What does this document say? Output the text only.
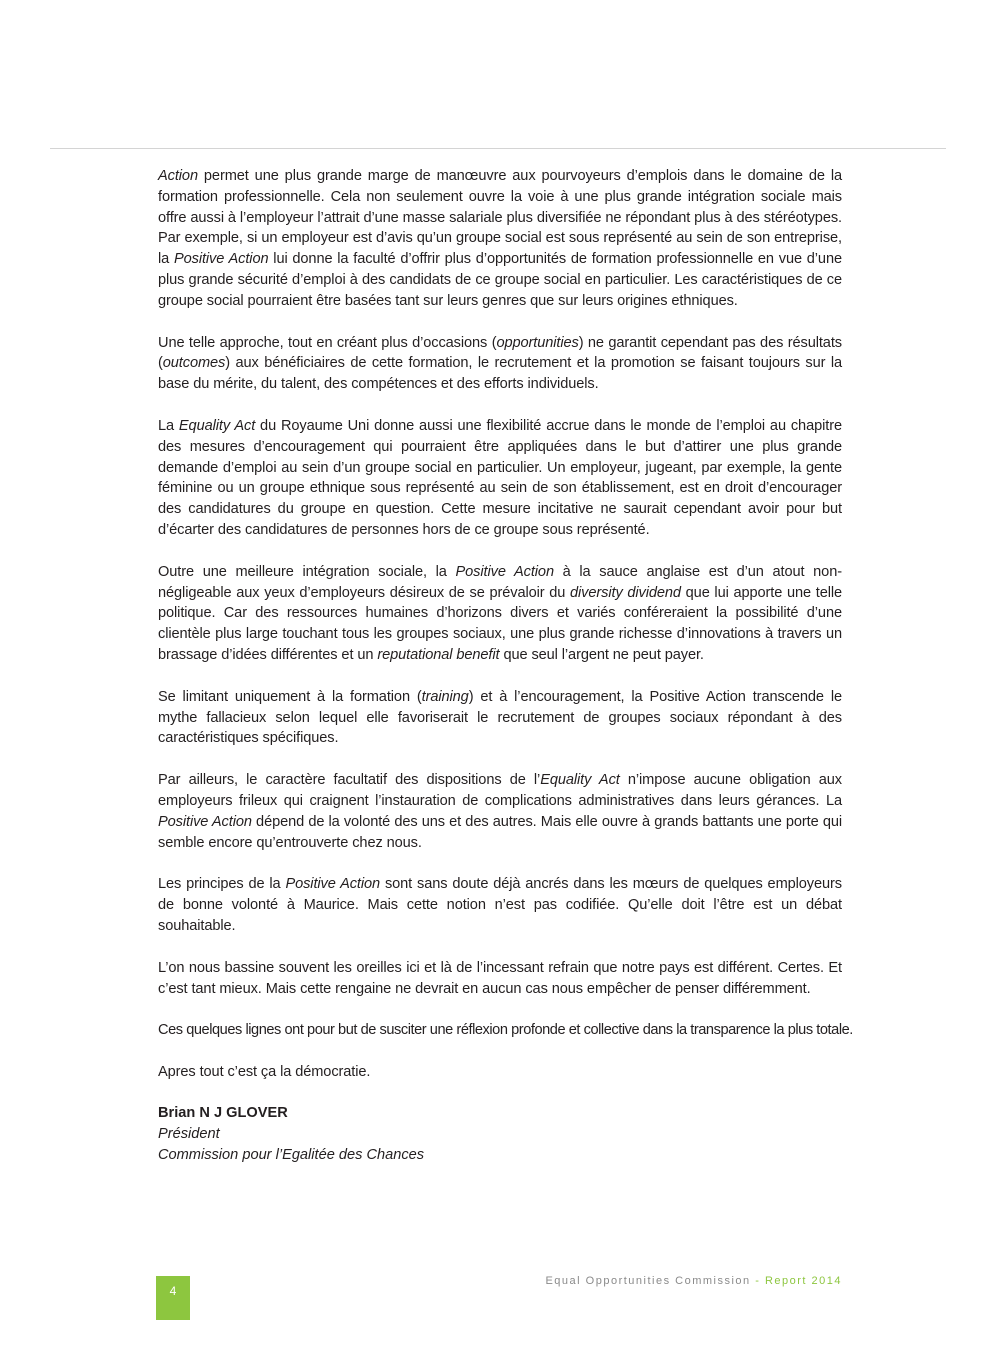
Action permet une plus grande marge de manœuvre aux pourvoyeurs d’emplois dans le domaine de la formation professionnelle. Cela non seulement ouvre la voie à une plus grande intégration sociale mais offre aussi à l’employeur l’attrait d’une masse salariale plus diversifiée ne répondant plus à des stéréotypes. Par exemple, si un employeur est d’avis qu’un groupe social est sous représenté au sein de son entreprise, la Positive Action lui donne la faculté d’offrir plus d’opportunités de formation professionnelle en vue d’une plus grande sécurité d’emploi à des candidats de ce groupe social en particulier. Les caractéristiques de ce groupe social pourraient être basées tant sur leurs genres que sur leurs origines ethniques.

Une telle approche, tout en créant plus d’occasions (opportunities) ne garantit cependant pas des résultats (outcomes) aux bénéficiaires de cette formation, le recrutement et la promotion se faisant toujours sur la base du mérite, du talent, des compétences et des efforts individuels.

La Equality Act du Royaume Uni donne aussi une flexibilité accrue dans le monde de l’emploi au chapitre des mesures d’encouragement qui pourraient être appliquées dans le but d’attirer une plus grande demande d’emploi au sein d’un groupe social en particulier. Un employeur, jugeant, par exemple, la gente féminine ou un groupe ethnique sous représenté au sein de son établissement, est en droit d’encourager des candidatures du groupe en question. Cette mesure incitative ne saurait cependant avoir pour but d’écarter des candidatures de personnes hors de ce groupe sous représenté.

Outre une meilleure intégration sociale, la Positive Action à la sauce anglaise est d’un atout non-négligeable aux yeux d’employeurs désireux de se prévaloir du diversity dividend que lui apporte une telle politique. Car des ressources humaines d’horizons divers et variés conféreraient la possibilité d’une clientèle plus large touchant tous les groupes sociaux, une plus grande richesse d’innovations à travers un brassage d’idées différentes et un reputational benefit que seul l’argent ne peut payer.

Se limitant uniquement à la formation (training) et à l’encouragement, la Positive Action transcende le mythe fallacieux selon lequel elle favoriserait le recrutement de groupes sociaux répondant à des caractéristiques spécifiques.

Par ailleurs, le caractère facultatif des dispositions de l’Equality Act n’impose aucune obligation aux employeurs frileux qui craignent l’instauration de complications administratives dans leurs gérances. La Positive Action dépend de la volonté des uns et des autres. Mais elle ouvre à grands battants une porte qui semble encore qu’entrouverte chez nous.

Les principes de la Positive Action sont sans doute déjà ancrés dans les mœurs de quelques employeurs de bonne volonté à Maurice. Mais cette notion n’est pas codifiée. Qu’elle doit l’être est un débat souhaitable.

L’on nous bassine souvent les oreilles ici et là de l’incessant refrain que notre pays est différent. Certes. Et c’est tant mieux. Mais cette rengaine ne devrait en aucun cas nous empêcher de penser différemment.

Ces quelques lignes ont pour but de susciter une réflexion profonde et collective dans la transparence la plus totale.

Apres tout c’est ça la démocratie.

Brian N J GLOVER
Président
Commission pour l’Egalitée des Chances
4
Equal Opportunities Commission - Report 2014
